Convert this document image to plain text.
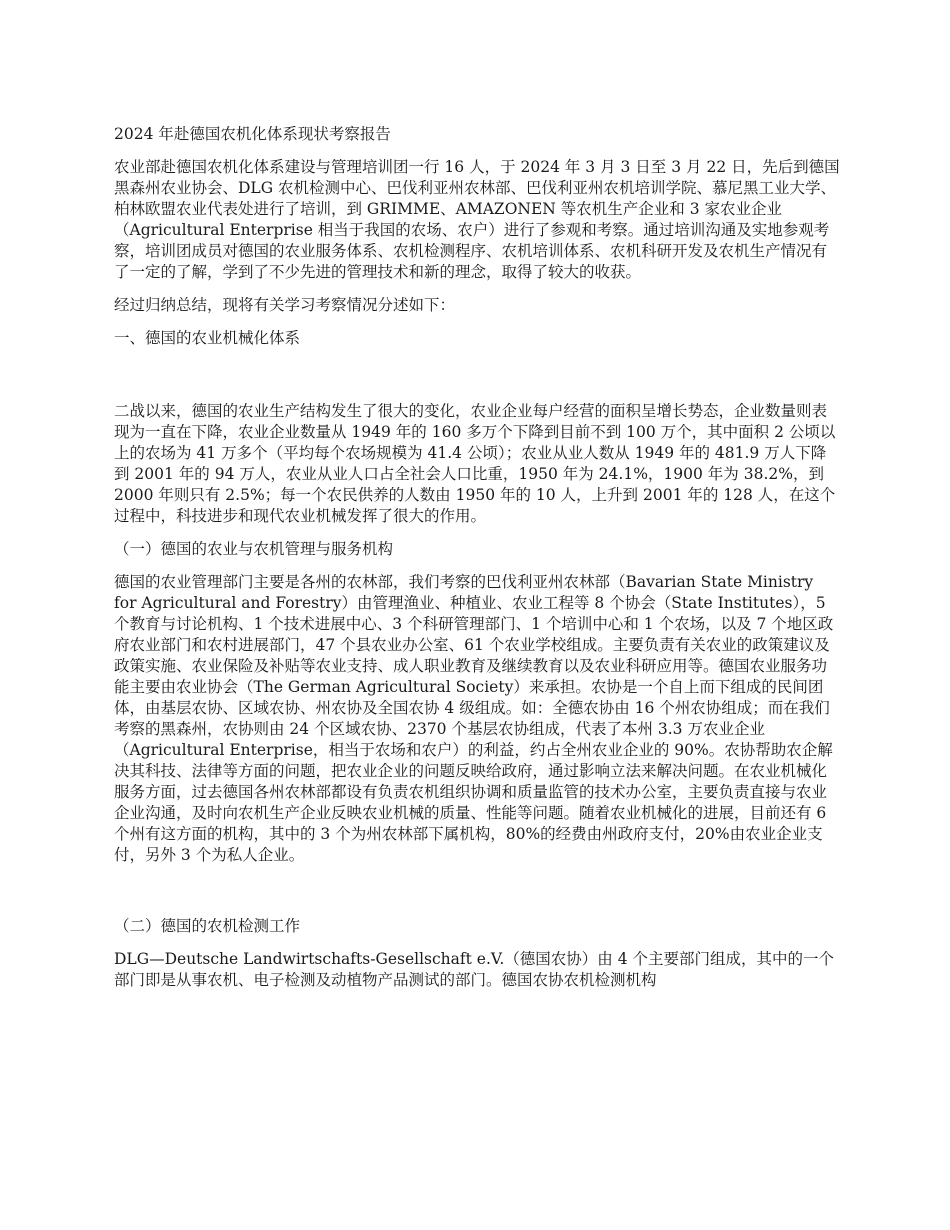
2024 年赴德国农机化体系现状考察报告

农业部赴德国农机化体系建设与管理培训团一行 16 人，于 2024 年 3 月 3 日至 3 月 22 日，先后到德国黑森州农业协会、DLG 农机检测中心、巴伐利亚州农林部、巴伐利亚州农机培训学院、慕尼黑工业大学、柏林欧盟农业代表处进行了培训，到 GRIMME、AMAZONEN 等农机生产企业和 3 家农业企业（Agricultural Enterprise 相当于我国的农场、农户）进行了参观和考察。通过培训沟通及实地参观考察，培训团成员对德国的农业服务体系、农机检测程序、农机培训体系、农机科研开发及农机生产情况有了一定的了解，学到了不少先进的管理技术和新的理念，取得了较大的收获。

经过归纳总结，现将有关学习考察情况分述如下：

一、德国的农业机械化体系

二战以来，德国的农业生产结构发生了很大的变化，农业企业每户经营的面积呈增长势态，企业数量则表现为一直在下降，农业企业数量从 1949 年的 160 多万个下降到目前不到 100 万个，其中面积 2 公顷以上的农场为 41 万多个（平均每个农场规模为 41.4 公顷）；农业从业人数从 1949 年的 481.9 万人下降到 2001 年的 94 万人，农业从业人口占全社会人口比重，1950 年为 24.1%，1900 年为 38.2%，到 2000 年则只有 2.5%；每一个农民供养的人数由 1950 年的 10 人，上升到 2001 年的 128 人，在这个过程中，科技进步和现代农业机械发挥了很大的作用。

（一）德国的农业与农机管理与服务机构

德国的农业管理部门主要是各州的农林部，我们考察的巴伐利亚州农林部（Bavarian State Ministry for Agricultural and Forestry）由管理渔业、种植业、农业工程等 8 个协会（State Institutes），5 个教育与讨论机构、1 个技术进展中心、3 个科研管理部门、1 个培训中心和 1 个农场，以及 7 个地区政府农业部门和农村进展部门，47 个县农业办公室、61 个农业学校组成。主要负责有关农业的政策建议及政策实施、农业保险及补贴等农业支持、成人职业教育及继续教育以及农业科研应用等。德国农业服务功能主要由农业协会（The German Agricultural Society）来承担。农协是一个自上而下组成的民间团体，由基层农协、区域农协、州农协及全国农协 4 级组成。如：全德农协由 16 个州农协组成；而在我们考察的黑森州，农协则由 24 个区域农协、2370 个基层农协组成，代表了本州 3.3 万农业企业（Agricultural Enterprise，相当于农场和农户）的利益，约占全州农业企业的 90%。农协帮助农企解决其科技、法律等方面的问题，把农业企业的问题反映给政府，通过影响立法来解决问题。在农业机械化服务方面，过去德国各州农林部都设有负责农机组织协调和质量监管的技术办公室，主要负责直接与农业企业沟通，及时向农机生产企业反映农业机械的质量、性能等问题。随着农业机械化的进展，目前还有 6 个州有这方面的机构，其中的 3 个为州农林部下属机构，80%的经费由州政府支付，20%由农业企业支付，另外 3 个为私人企业。

（二）德国的农机检测工作

DLG—Deutsche Landwirtschafts-Gesellschaft e.V.（德国农协）由 4 个主要部门组成，其中的一个部门即是从事农机、电子检测及动植物产品测试的部门。德国农协农机检测机构
